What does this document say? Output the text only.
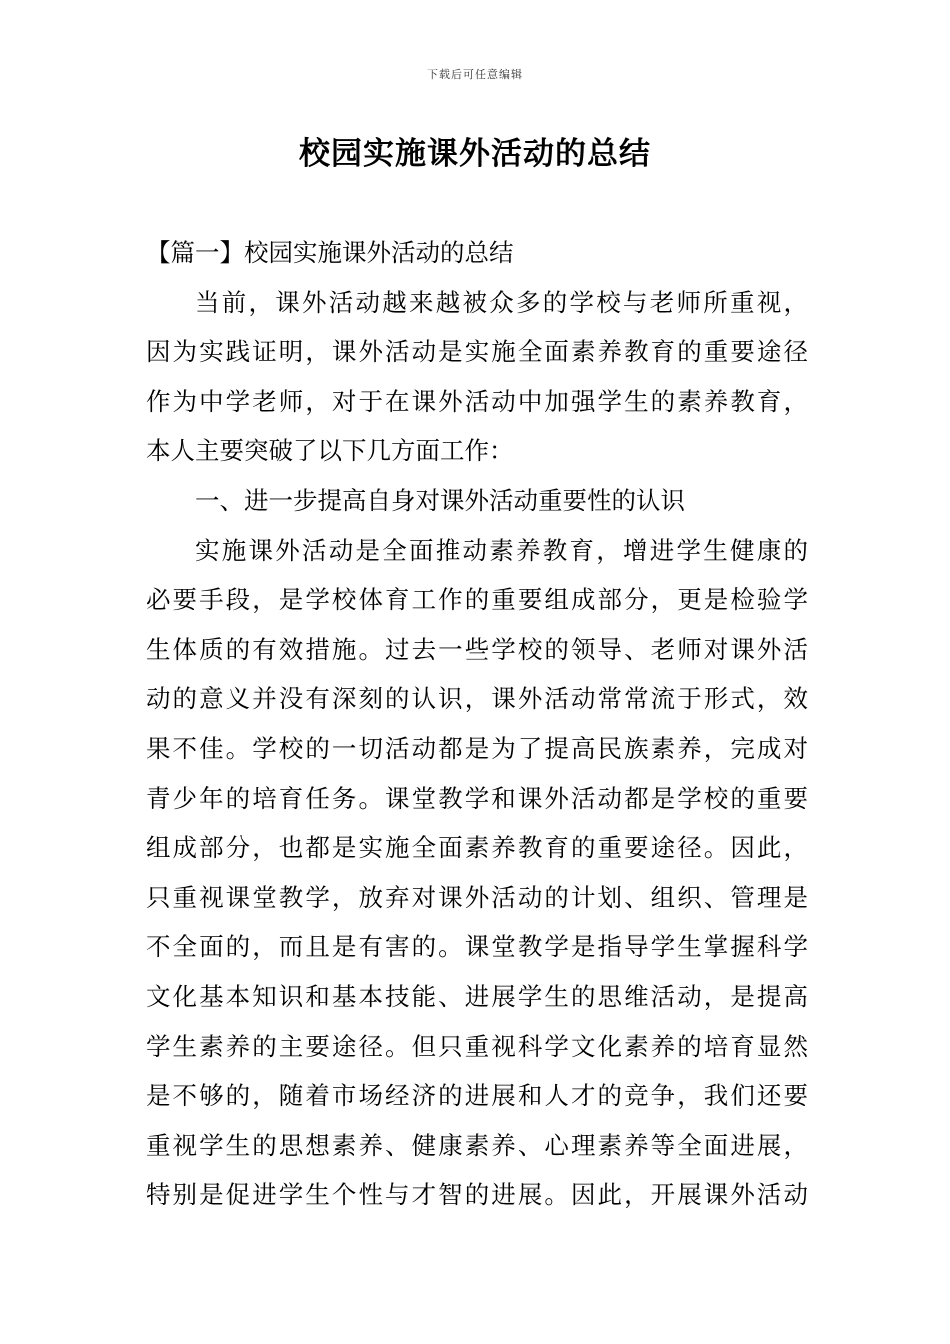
下载后可任意编辑
校园实施课外活动的总结
【篇一】校园实施课外活动的总结
当前，课外活动越来越被众多的学校与老师所重视，
因为实践证明，课外活动是实施全面素养教育的重要途径
作为中学老师，对于在课外活动中加强学生的素养教育，
本人主要突破了以下几方面工作：
一、进一步提高自身对课外活动重要性的认识
实施课外活动是全面推动素养教育，增进学生健康的
必要手段，是学校体育工作的重要组成部分，更是检验学
生体质的有效措施。过去一些学校的领导、老师对课外活
动的意义并没有深刻的认识，课外活动常常流于形式，效
果不佳。学校的一切活动都是为了提高民族素养，完成对
青少年的培育任务。课堂教学和课外活动都是学校的重要
组成部分，也都是实施全面素养教育的重要途径。因此，
只重视课堂教学，放弃对课外活动的计划、组织、管理是
不全面的，而且是有害的。课堂教学是指导学生掌握科学
文化基本知识和基本技能、进展学生的思维活动，是提高
学生素养的主要途径。但只重视科学文化素养的培育显然
是不够的，随着市场经济的进展和人才的竞争，我们还要
重视学生的思想素养、健康素养、心理素养等全面进展，
特别是促进学生个性与才智的进展。因此，开展课外活动
